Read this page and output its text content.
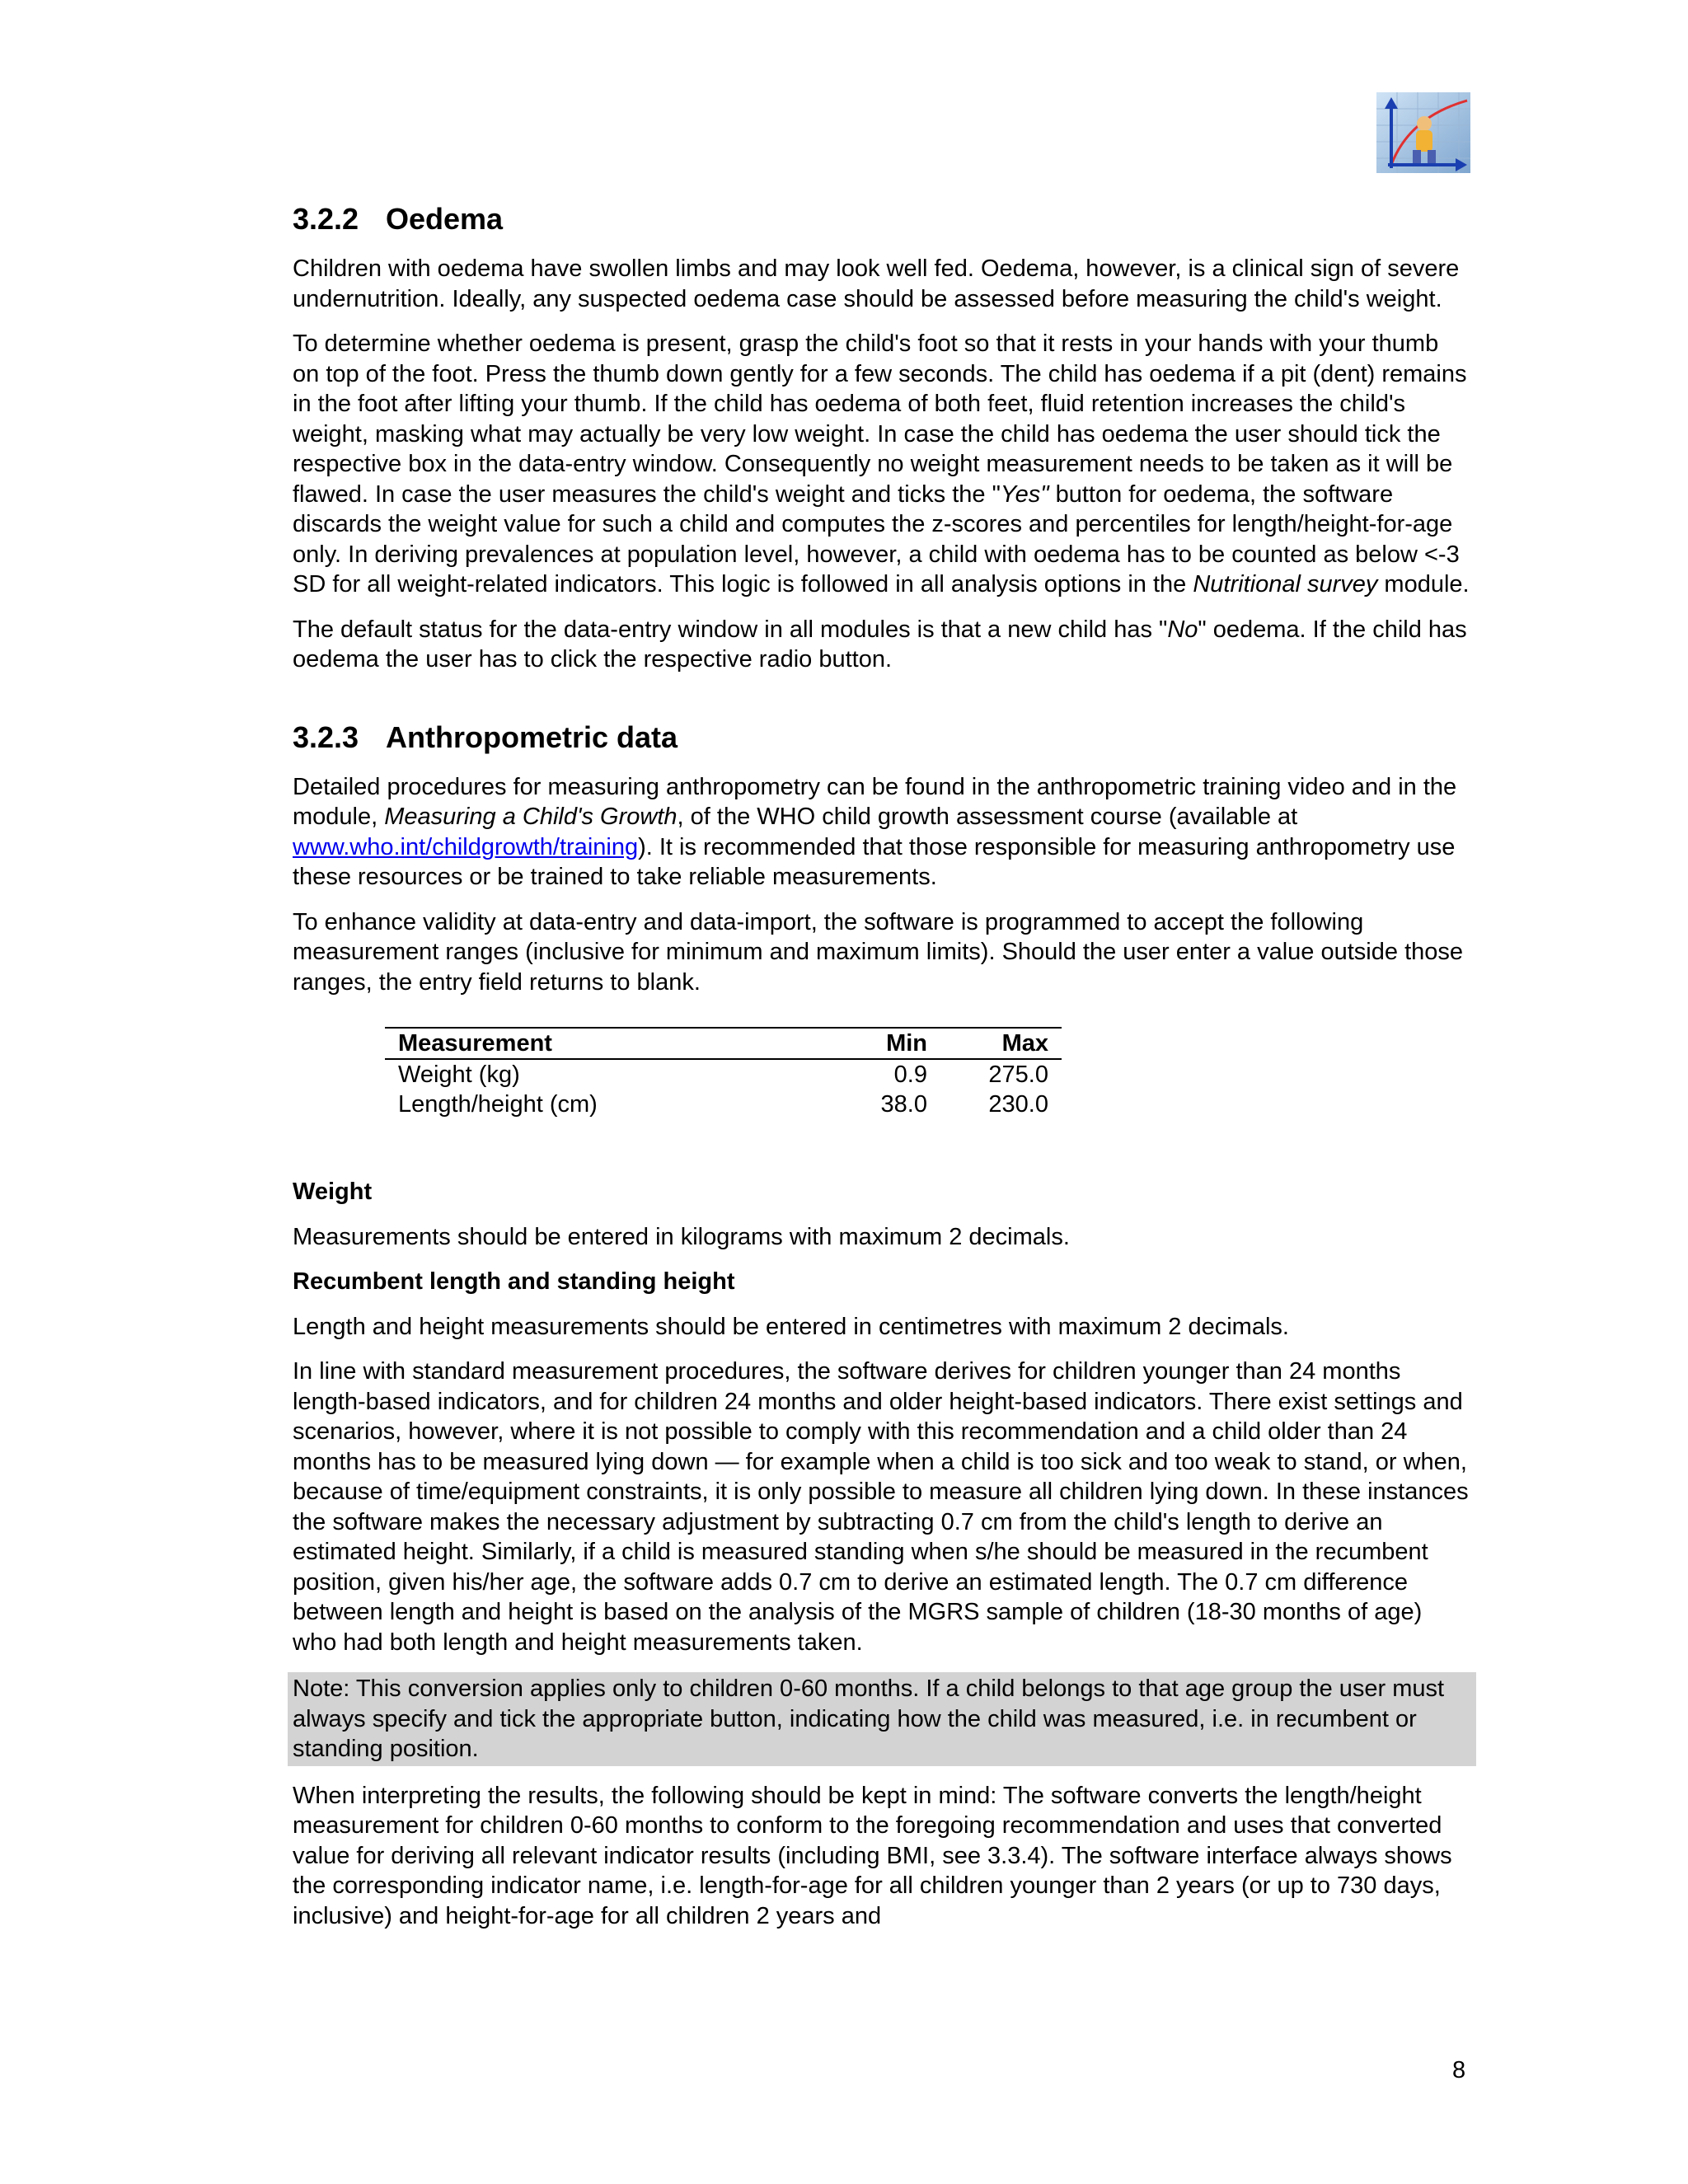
3.2.2 Oedema

Children with oedema have swollen limbs and may look well fed. Oedema, however, is a clinical sign of severe undernutrition. Ideally, any suspected oedema case should be assessed before measuring the child's weight.

To determine whether oedema is present, grasp the child's foot so that it rests in your hands with your thumb on top of the foot. Press the thumb down gently for a few seconds. The child has oedema if a pit (dent) remains in the foot after lifting your thumb. If the child has oedema of both feet, fluid retention increases the child's weight, masking what may actually be very low weight. In case the child has oedema the user should tick the respective box in the data-entry window. Consequently no weight measurement needs to be taken as it will be flawed. In case the user measures the child's weight and ticks the "Yes" button for oedema, the software discards the weight value for such a child and computes the z-scores and percentiles for length/height-for-age only. In deriving prevalences at population level, however, a child with oedema has to be counted as below <-3 SD for all weight-related indicators. This logic is followed in all analysis options in the Nutritional survey module.

The default status for the data-entry window in all modules is that a new child has "No" oedema. If the child has oedema the user has to click the respective radio button.

3.2.3 Anthropometric data

Detailed procedures for measuring anthropometry can be found in the anthropometric training video and in the module, Measuring a Child's Growth, of the WHO child growth assessment course (available at www.who.int/childgrowth/training). It is recommended that those responsible for measuring anthropometry use these resources or be trained to take reliable measurements.

To enhance validity at data-entry and data-import, the software is programmed to accept the following measurement ranges (inclusive for minimum and maximum limits). Should the user enter a value outside those ranges, the entry field returns to blank.

Measurement	Min	Max
Weight (kg)	0.9	275.0
Length/height (cm)	38.0	230.0
Weight

Measurements should be entered in kilograms with maximum 2 decimals.

Recumbent length and standing height

Length and height measurements should be entered in centimetres with maximum 2 decimals.

In line with standard measurement procedures, the software derives for children younger than 24 months length-based indicators, and for children 24 months and older height-based indicators. There exist settings and scenarios, however, where it is not possible to comply with this recommendation and a child older than 24 months has to be measured lying down — for example when a child is too sick and too weak to stand, or when, because of time/equipment constraints, it is only possible to measure all children lying down. In these instances the software makes the necessary adjustment by subtracting 0.7 cm from the child's length to derive an estimated height. Similarly, if a child is measured standing when s/he should be measured in the recumbent position, given his/her age, the software adds 0.7 cm to derive an estimated length. The 0.7 cm difference between length and height is based on the analysis of the MGRS sample of children (18-30 months of age) who had both length and height measurements taken.

Note: This conversion applies only to children 0-60 months. If a child belongs to that age group the user must always specify and tick the appropriate button, indicating how the child was measured, i.e. in recumbent or standing position.

When interpreting the results, the following should be kept in mind: The software converts the length/height measurement for children 0-60 months to conform to the foregoing recommendation and uses that converted value for deriving all relevant indicator results (including BMI, see 3.3.4). The software interface always shows the corresponding indicator name, i.e. length-for-age for all children younger than 2 years (or up to 730 days, inclusive) and height-for-age for all children 2 years and

8
